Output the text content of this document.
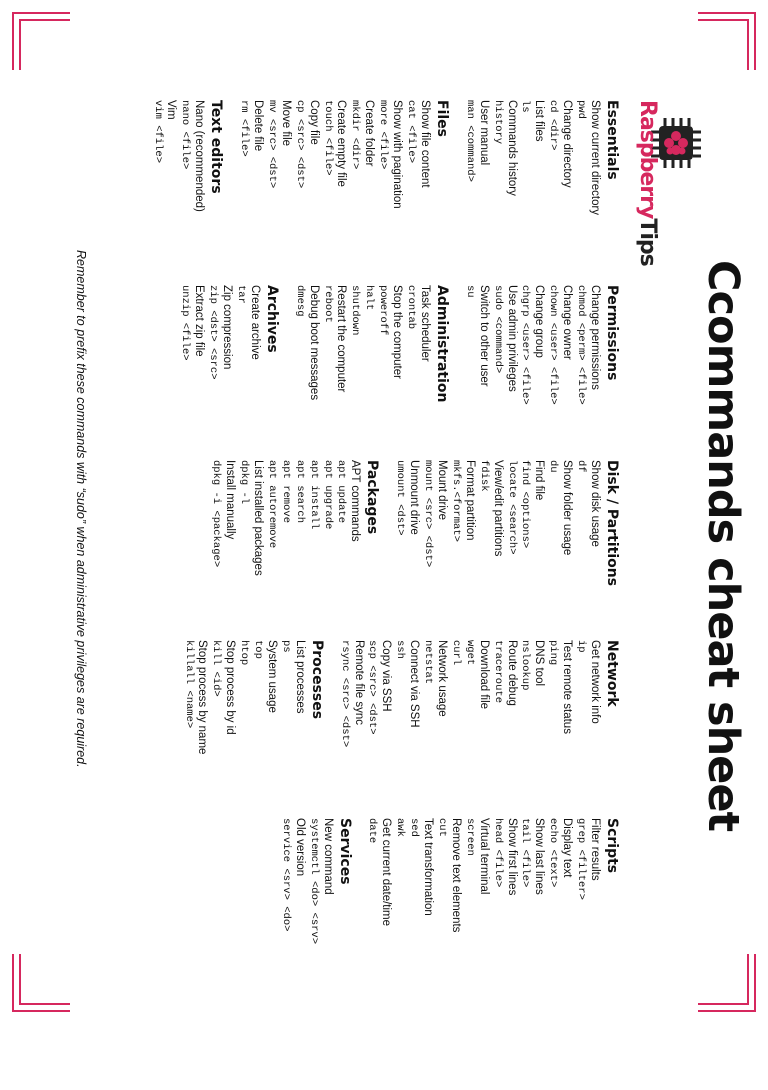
RaspberryTips
Ccommands cheat sheet
Essentials
Show current directory
pwd
Change directory
cd <dir>
List files
ls
Commands history
history
User manual
man <command>
Files
Show file content
cat <file>
Show with pagination
more <file>
Create folder
mkdir <dir>
Create empty file
touch <file>
Copy file
cp <src> <dst>
Move file
mv <src> <dst>
Delete file
rm <file>
Text editors
Nano (recommended)
nano <file>
Vim
vim <file>
Permissions
Change permissions
chmod <perm> <file>
Change owner
chown <user> <file>
Change group
chgrp <user> <file>
Use admin privileges
sudo <command>
Switch to other user
su
Administration
Task scheduler
crontab
Stop the computer
poweroff
halt
shutdown
Restart the computer
reboot
Debug boot messages
dmesg
Archives
Create archive
tar
Zip compression
zip <dst> <src>
Extract zip file
unzip <file>
Disk / Partitions
Show disk usage
df
Show folder usage
du
Find file
find <options>
locate <search>
View/edit partitions
fdisk
Format partition
mkfs.<format>
Mount drive
mount <src> <dst>
Unmount drive
umount <dst>
Packages
APT commands
apt update
apt upgrade
apt install
apt search
apt remove
apt autoremove
List installed packages
dpkg -l
Install manually
dpkg -i <package>
Network
Get network info
ip
Test remote status
ping
DNS tool
nslookup
Route debug
traceroute
Download file
wget
curl
Network usage
netstat
Connect via SSH
ssh
Copy via SSH
scp <src> <dst>
Remote file sync
rsync <src> <dst>
Processes
List processes
ps
System usage
top
htop
Stop process by id
kill <id>
Stop process by name
killall <name>
Scripts
Filter results
grep <filter>
Display text
echo <text>
Show last lines
tail <file>
Show first lines
head <file>
Virtual terminal
screen
Remove text elements
cut
Text transformation
sed
awk
Get current date/time
date
Services
New command
systemctl <do> <srv>
Old version
service <srv> <do>
Remember to prefix these commands with “sudo” when administrative privileges are required.
